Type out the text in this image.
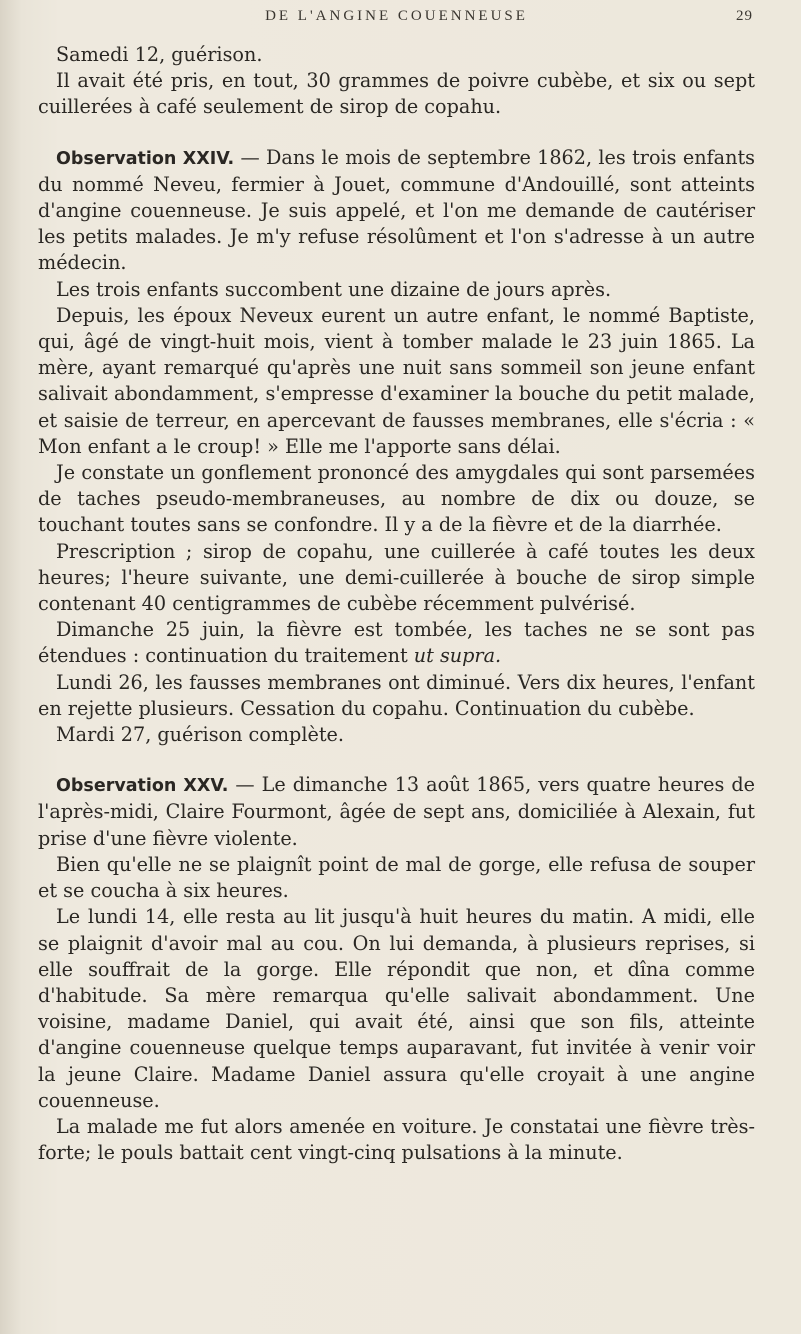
DE L'ANGINE COUENNEUSE	29

Samedi 12, guérison.

Il avait été pris, en tout, 30 grammes de poivre cubèbe, et six ou sept cuillerées à café seulement de sirop de copahu.

Observation XXIV. — Dans le mois de septembre 1862, les trois enfants du nommé Neveu, fermier à Jouet, commune d'Andouillé, sont atteints d'angine couenneuse. Je suis appelé, et l'on me demande de cautériser les petits malades. Je m'y refuse résolûment et l'on s'adresse à un autre médecin.

Les trois enfants succombent une dizaine de jours après.

Depuis, les époux Neveux eurent un autre enfant, le nommé Baptiste, qui, âgé de vingt-huit mois, vient à tomber malade le 23 juin 1865. La mère, ayant remarqué qu'après une nuit sans sommeil son jeune enfant salivait abondamment, s'empresse d'examiner la bouche du petit malade, et saisie de terreur, en apercevant de fausses membranes, elle s'écria : « Mon enfant a le croup! » Elle me l'apporte sans délai.

Je constate un gonflement prononcé des amygdales qui sont parsemées de taches pseudo-membraneuses, au nombre de dix ou douze, se touchant toutes sans se confondre. Il y a de la fièvre et de la diarrhée.

Prescription ; sirop de copahu, une cuillerée à café toutes les deux heures; l'heure suivante, une demi-cuillerée à bouche de sirop simple contenant 40 centigrammes de cubèbe récemment pulvérisé.

Dimanche 25 juin, la fièvre est tombée, les taches ne se sont pas étendues : continuation du traitement ut supra.

Lundi 26, les fausses membranes ont diminué. Vers dix heures, l'enfant en rejette plusieurs. Cessation du copahu. Continuation du cubèbe.

Mardi 27, guérison complète.

Observation XXV. — Le dimanche 13 août 1865, vers quatre heures de l'après-midi, Claire Fourmont, âgée de sept ans, domiciliée à Alexain, fut prise d'une fièvre violente.

Bien qu'elle ne se plaignît point de mal de gorge, elle refusa de souper et se coucha à six heures.

Le lundi 14, elle resta au lit jusqu'à huit heures du matin. A midi, elle se plaignit d'avoir mal au cou. On lui demanda, à plusieurs reprises, si elle souffrait de la gorge. Elle répondit que non, et dîna comme d'habitude. Sa mère remarqua qu'elle salivait abondamment. Une voisine, madame Daniel, qui avait été, ainsi que son fils, atteinte d'angine couenneuse quelque temps auparavant, fut invitée à venir voir la jeune Claire. Madame Daniel assura qu'elle croyait à une angine couenneuse.

La malade me fut alors amenée en voiture. Je constatai une fièvre très-forte; le pouls battait cent vingt-cinq pulsations à la minute.
